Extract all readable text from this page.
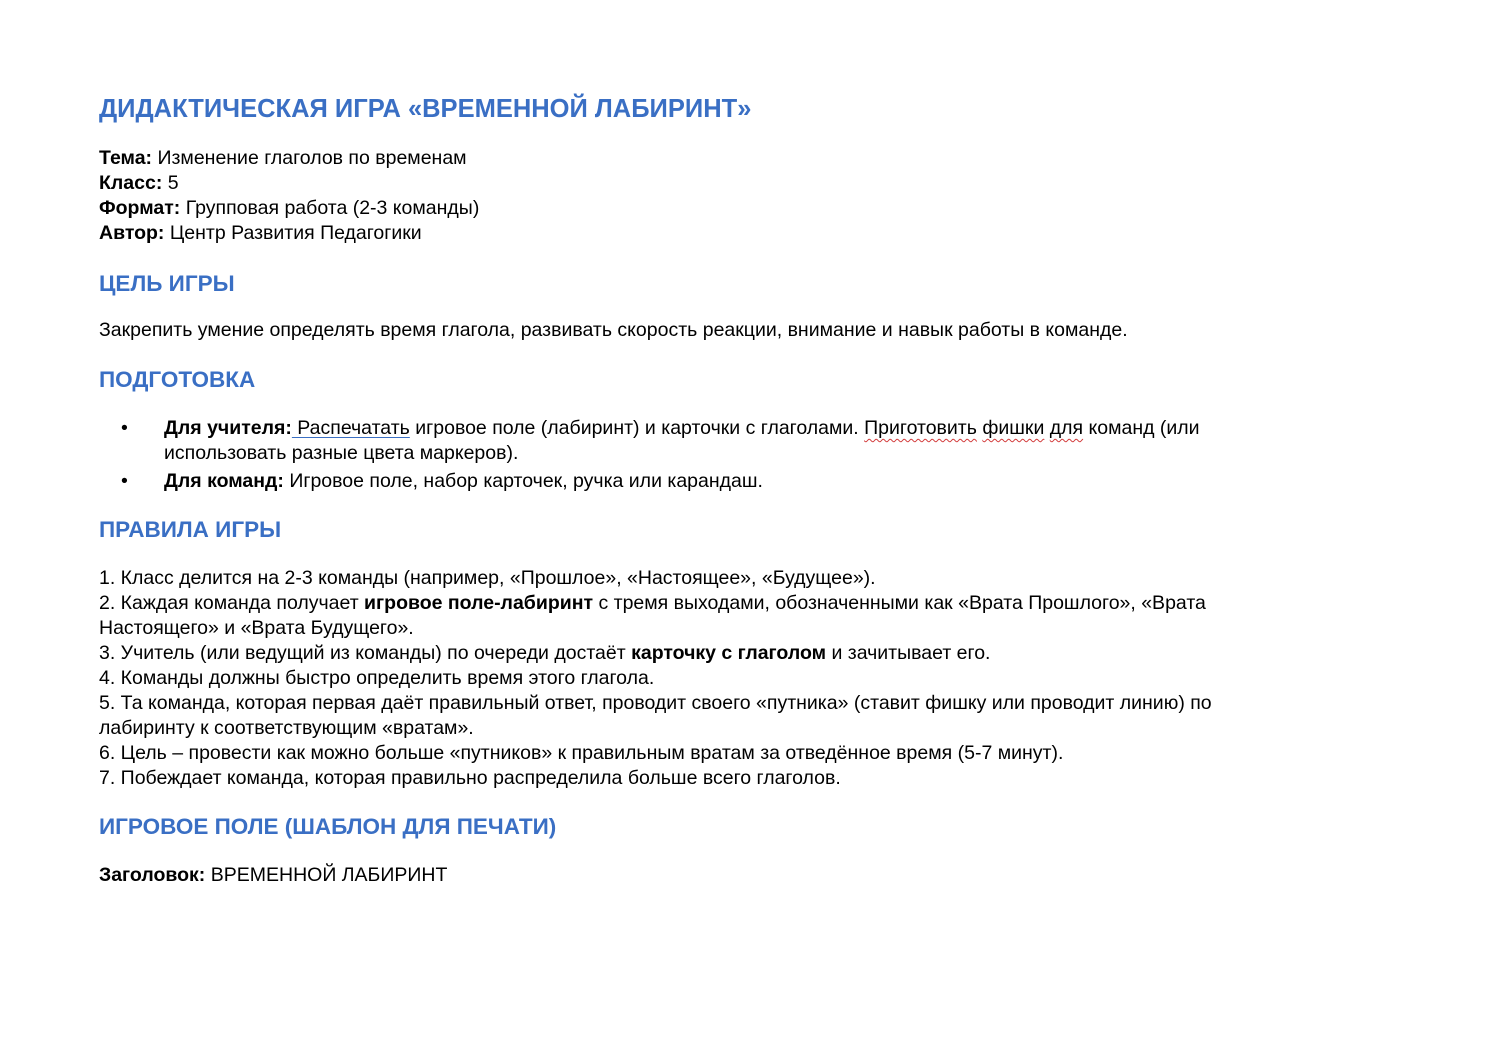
ДИДАКТИЧЕСКАЯ ИГРА «ВРЕМЕННОЙ ЛАБИРИНТ»
Тема: Изменение глаголов по временам
Класс: 5
Формат: Групповая работа (2-3 команды)
Автор: Центр Развития Педагогики
ЦЕЛЬ ИГРЫ
Закрепить умение определять время глагола, развивать скорость реакции, внимание и навык работы в команде.
ПОДГОТОВКА
• Для учителя: Распечатать игровое поле (лабиринт) и карточки с глаголами. Приготовить фишки для команд (или
использовать разные цвета маркеров).
• Для команд: Игровое поле, набор карточек, ручка или карандаш.
ПРАВИЛА ИГРЫ
1. Класс делится на 2-3 команды (например, «Прошлое», «Настоящее», «Будущее»).
2. Каждая команда получает игровое поле-лабиринт с тремя выходами, обозначенными как «Врата Прошлого», «Врата
Настоящего» и «Врата Будущего».
3. Учитель (или ведущий из команды) по очереди достаёт карточку с глаголом и зачитывает его.
4. Команды должны быстро определить время этого глагола.
5. Та команда, которая первая даёт правильный ответ, проводит своего «путника» (ставит фишку или проводит линию) по
лабиринту к соответствующим «вратам».
6. Цель – провести как можно больше «путников» к правильным вратам за отведённое время (5-7 минут).
7. Побеждает команда, которая правильно распределила больше всего глаголов.
ИГРОВОЕ ПОЛЕ (ШАБЛОН ДЛЯ ПЕЧАТИ)
Заголовок: ВРЕМЕННОЙ ЛАБИРИНТ
